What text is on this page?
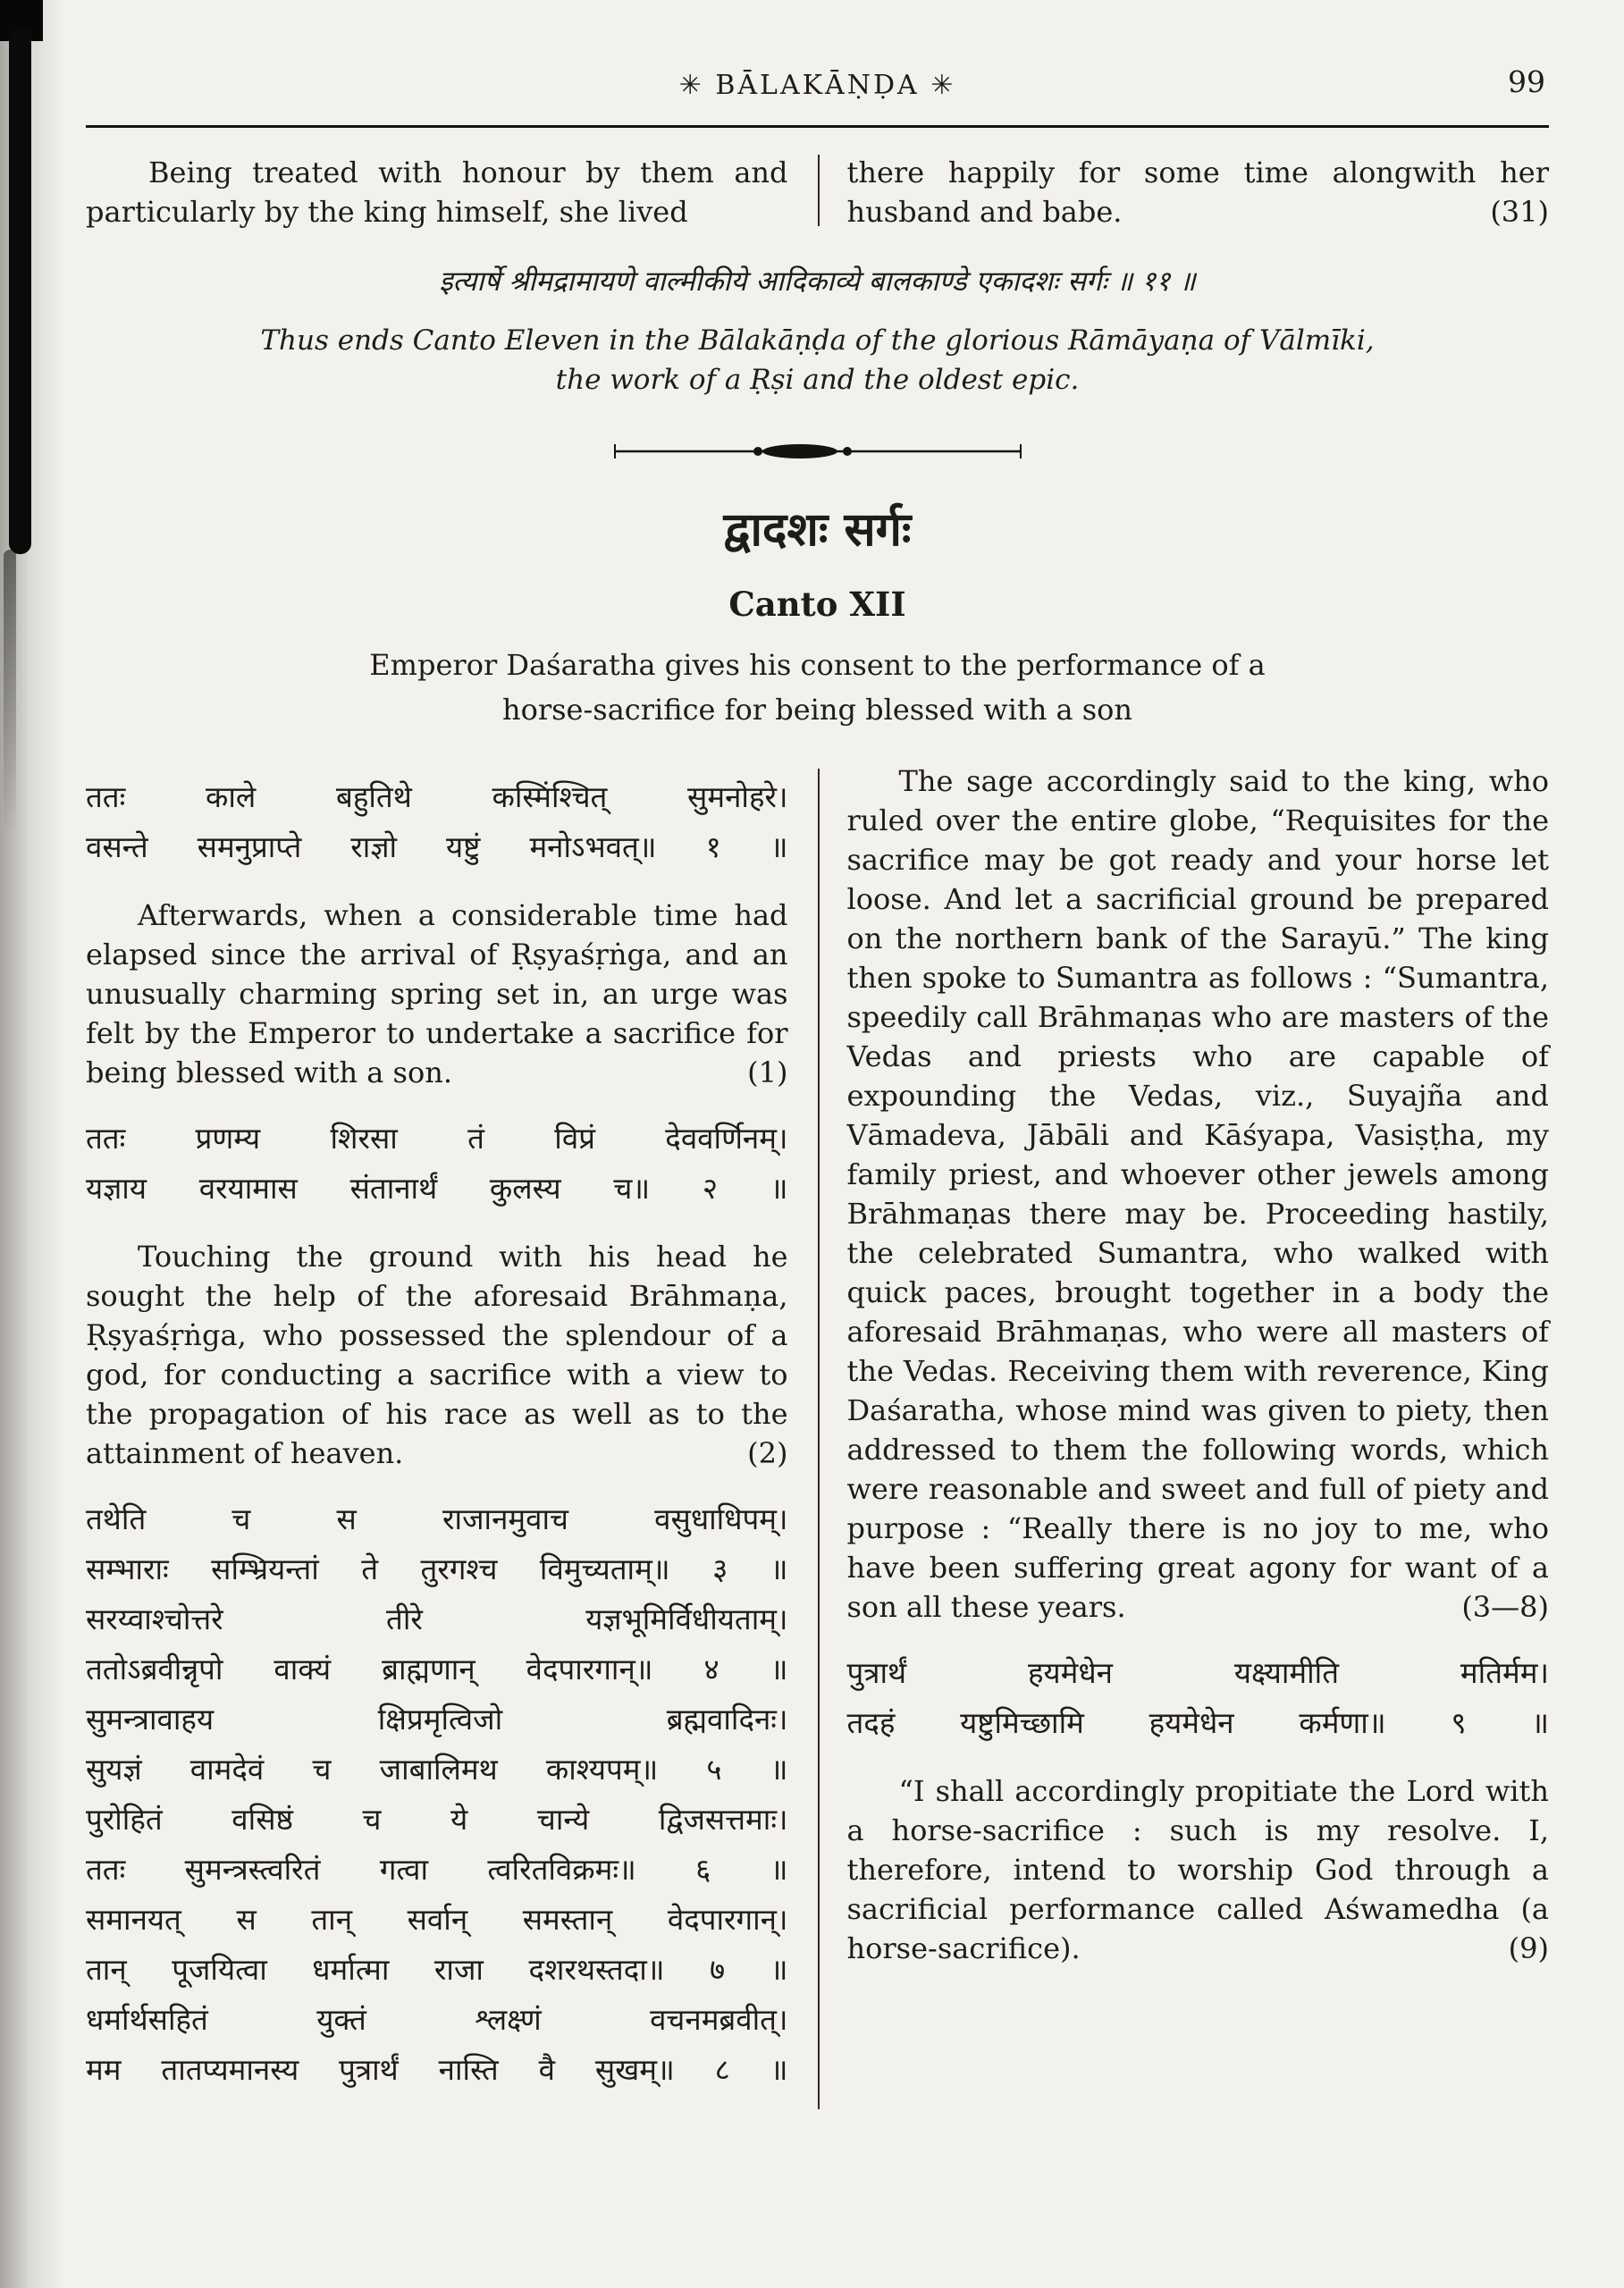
✳ BĀLAKĀṆḌA ✳	99

Being treated with honour by them and particularly by the king himself, she lived

there happily for some time alongwith her husband and babe.	(31)

इत्यार्षे श्रीमद्रामायणे वाल्मीकीये आदिकाव्ये बालकाण्डे एकादशः सर्गः ॥ ११ ॥

Thus ends Canto Eleven in the Bālakāṇḍa of the glorious Rāmāyaṇa of Vālmīki,

the work of a Ṛṣi and the oldest epic.

द्वादशः सर्गः
Canto XII

Emperor Daśaratha gives his consent to the performance of a

horse-sacrifice for being blessed with a son

ततः काले बहुतिथे कस्मिंश्चित् सुमनोहरे।
वसन्ते समनुप्राप्ते राज्ञो यष्टुं मनोऽभवत्॥ १ ॥

Afterwards, when a considerable time had elapsed since the arrival of Ṛṣyaśṛṅga, and an unusually charming spring set in, an urge was felt by the Emperor to undertake a sacrifice for being blessed with a son.	(1)

ततः प्रणम्य शिरसा तं विप्रं देववर्णिनम्।
यज्ञाय वरयामास संतानार्थं कुलस्य च॥ २ ॥

Touching the ground with his head he sought the help of the aforesaid Brāhmaṇa, Ṛṣyaśṛṅga, who possessed the splendour of a god, for conducting a sacrifice with a view to the propagation of his race as well as to the attainment of heaven.	(2)

तथेति च स राजानमुवाच वसुधाधिपम्।
सम्भाराः सम्भ्रियन्तां ते तुरगश्च विमुच्यताम्॥ ३ ॥
सरय्वाश्चोत्तरे तीरे यज्ञभूमिर्विधीयताम्।
ततोऽब्रवीन्नृपो वाक्यं ब्राह्मणान् वेदपारगान्॥ ४ ॥
सुमन्त्रावाहय क्षिप्रमृत्विजो ब्रह्मवादिनः।
सुयज्ञं वामदेवं च जाबालिमथ काश्यपम्॥ ५ ॥
पुरोहितं वसिष्ठं च ये चान्ये द्विजसत्तमाः।
ततः सुमन्त्रस्त्वरितं गत्वा त्वरितविक्रमः॥ ६ ॥
समानयत् स तान् सर्वान् समस्तान् वेदपारगान्।
तान् पूजयित्वा धर्मात्मा राजा दशरथस्तदा॥ ७ ॥
धर्मार्थसहितं युक्तं श्लक्ष्णं वचनमब्रवीत्।
मम तातप्यमानस्य पुत्रार्थं नास्ति वै सुखम्॥ ८ ॥

The sage accordingly said to the king, who ruled over the entire globe, “Requisites for the sacrifice may be got ready and your horse let loose. And let a sacrificial ground be prepared on the northern bank of the Sarayū.” The king then spoke to Sumantra as follows : “Sumantra, speedily call Brāhmaṇas who are masters of the Vedas and priests who are capable of expounding the Vedas, viz., Suyajña and Vāmadeva, Jābāli and Kāśyapa, Vasiṣṭha, my family priest, and whoever other jewels among Brāhmaṇas there may be. Proceeding hastily, the celebrated Sumantra, who walked with quick paces, brought together in a body the aforesaid Brāhmaṇas, who were all masters of the Vedas. Receiving them with reverence, King Daśaratha, whose mind was given to piety, then addressed to them the following words, which were reasonable and sweet and full of piety and purpose : “Really there is no joy to me, who have been suffering great agony for want of a son all these years.	(3—8)

पुत्रार्थं हयमेधेन यक्ष्यामीति मतिर्मम।
तदहं यष्टुमिच्छामि हयमेधेन कर्मणा॥ ९ ॥

“I shall accordingly propitiate the Lord with a horse-sacrifice : such is my resolve. I, therefore, intend to worship God through a sacrificial performance called Aśwamedha (a horse-sacrifice).	(9)
